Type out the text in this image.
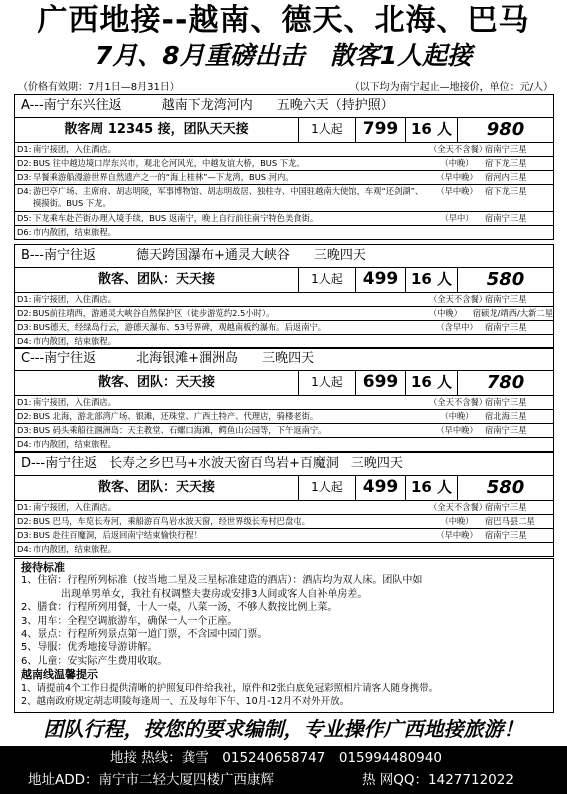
广西地接--越南、德天、北海、巴马
7月、8月重磅出击　散客1人起接
（价格有效期：7月1日—8月31日）	（以下均为南宁起止—地接价，单位：元/人）
A---南宁东兴往返	越南下龙湾河内 五晚六天（持护照）
散客周 12345 接，团队天天接	1人起	799 16 人	980
D1: 南宁接团，入住酒店。	（全天不含餐）
宿南宁三星
D2: BUS 往中越边境口岸东兴市，观北仑河风光，中越友谊大桥，BUS 下龙。	（中晚）	宿下龙三星
D3: 早餐乘游船漫游世界自然遗产之一的“海上桂林”—下龙湾，BUS 河内。	（早中晚） 宿河内三星
D4: 游巴亭广场、主席府、胡志明陵，军事博物馆、胡志明故居、独柱寺、中国驻越南大使馆，车观“还剑湖”、摸摸街。BUS 下龙。
（早中晚） 宿下龙三星
D5: 下龙乘车赴芒街办理入境手续，BUS 返南宁，晚上自行前往南宁特色美食街。	（早中）	宿南宁三星
D6: 市内散团，结束旅程。
B---南宁往返	德天跨国瀑布+通灵大峡谷 三晚四天
散客、团队：天天接	1人起	499 16 人	580
D1: 南宁接团，入住酒店。	（全天不含餐）
宿南宁三星
D2: BUS前往靖西，游通灵大峡谷自然保护区（徒步游览约2.5小时）。	（中晚）	宿硕龙/靖西/大新二星
D3: BUS德天，经绿岛行云，游德天瀑布、53号界碑，观越南板约瀑布。后返南宁。	（含早中） 宿南宁三星
D4: 市内散团，结束旅程。
C---南宁往返	北海银滩+涠洲岛 三晚四天
散客、团队：天天接	1人起	699 16 人	780
D1: 南宁接团，入住酒店。	（全天不含餐）
宿南宁三星
D2: BUS 北海，游北部湾广场、银滩，还珠堂、广西土特产、代理店，骑楼老街。	（中晚）	宿北海三星
D3: BUS 码头乘船往涠洲岛：天主教堂、石螺口海滩，鳄鱼山公园等，下午返南宁。	（早中晚） 宿南宁三星
D4: 市内散团，结束旅程。
D---南宁往返 长寿之乡巴马+水波天窗百鸟岩+百魔洞 三晚四天
散客、团队：天天接	1人起	499 16 人	580
D1: 南宁接团，入住酒店。	（全天不含餐）
宿南宁三星
D2: BUS 巴马，车览长寿河，乘船游百鸟岩水波天窗，经世界级长寿村巴盘屯。	（中晚）	宿巴马县二星
D3: BUS 赴往百魔洞，后返回南宁结束愉快行程！	（早中晚） 宿南宁三星
D4: 市内散团，结束旅程。
接待标准
1、住宿：行程所列标准（按当地二星及三星标准建造的酒店）：酒店均为双人床。团队中如
　　　　出现单男单女，我社有权调整夫妻房或安排3人间或客人自补单房差。
2、膳食：行程所列用餐，十人一桌，八菜一汤，不够人数按比例上菜。
3、用车：全程空调旅游车，确保一人一个正座。
4、景点：行程所列景点第一道门票，不含园中园门票。
5、导服：优秀地接导游讲解。
6、儿童：安实际产生费用收取。
越南线温馨提示
1、请提前4个工作日提供清晰的护照复印件给我社，原件和2张白底免冠彩照相片请客人随身携带。
2、越南政府规定胡志明陵每逢周一、五及每年下午、10月-12月不对外开放。
团队行程，按您的要求编制，专业操作广西地接旅游！
地接 热线：龚雪　01524065874​7　015994480940
地址ADD：南宁市二轻大厦四楼广西康辉	热 网QQ：1427712022
